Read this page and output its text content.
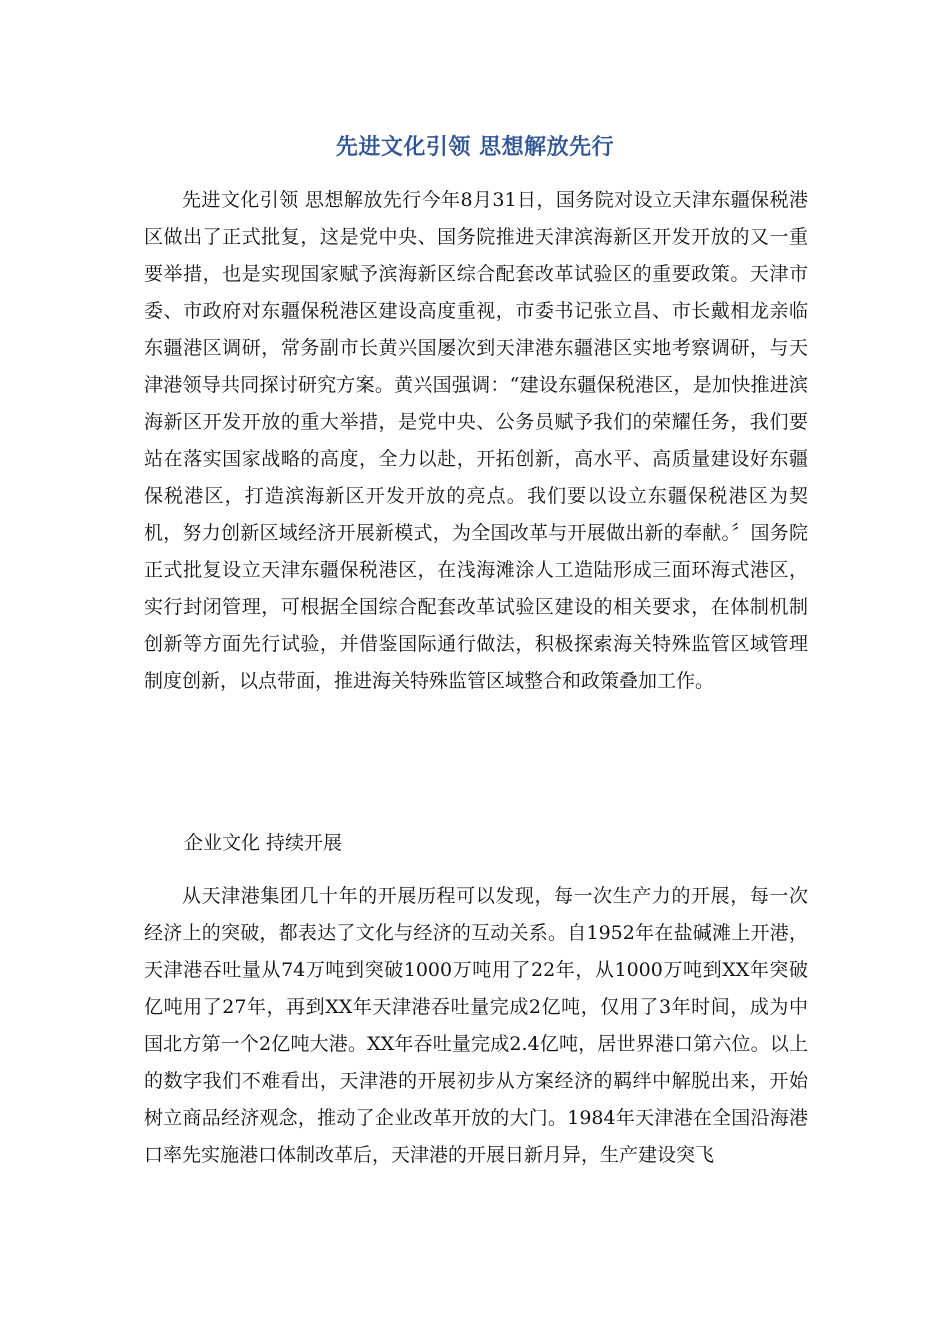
先进文化引领 思想解放先行

先进文化引领 思想解放先行今年8月31日，国务院对设立天津东疆保税港区做出了正式批复，这是党中央、国务院推进天津滨海新区开发开放的又一重要举措，也是实现国家赋予滨海新区综合配套改革试验区的重要政策。天津市委、市政府对东疆保税港区建设高度重视，市委书记张立昌、市长戴相龙亲临东疆港区调研，常务副市长黄兴国屡次到天津港东疆港区实地考察调研，与天津港领导共同探讨研究方案。黄兴国强调：“建设东疆保税港区，是加快推进滨海新区开发开放的重大举措，是党中央、公务员赋予我们的荣耀任务，我们要站在落实国家战略的高度，全力以赴，开拓创新，高水平、高质量建设好东疆保税港区，打造滨海新区开发开放的亮点。我们要以设立东疆保税港区为契机，努力创新区域经济开展新模式，为全国改革与开展做出新的奉献。〞国务院正式批复设立天津东疆保税港区，在浅海滩涂人工造陆形成三面环海式港区，实行封闭管理，可根据全国综合配套改革试验区建设的相关要求，在体制机制创新等方面先行试验，并借鉴国际通行做法，积极探索海关特殊监管区域管理制度创新，以点带面，推进海关特殊监管区域整合和政策叠加工作。

企业文化 持续开展

从天津港集团几十年的开展历程可以发现，每一次生产力的开展，每一次经济上的突破，都表达了文化与经济的互动关系。自1952年在盐碱滩上开港，天津港吞吐量从74万吨到突破1000万吨用了22年，从1000万吨到XX年突破亿吨用了27年，再到XX年天津港吞吐量完成2亿吨，仅用了3年时间，成为中国北方第一个2亿吨大港。XX年吞吐量完成2.4亿吨，居世界港口第六位。以上的数字我们不难看出，天津港的开展初步从方案经济的羁绊中解脱出来，开始树立商品经济观念，推动了企业改革开放的大门。1984年天津港在全国沿海港口率先实施港口体制改革后，天津港的开展日新月异，生产建设突飞
